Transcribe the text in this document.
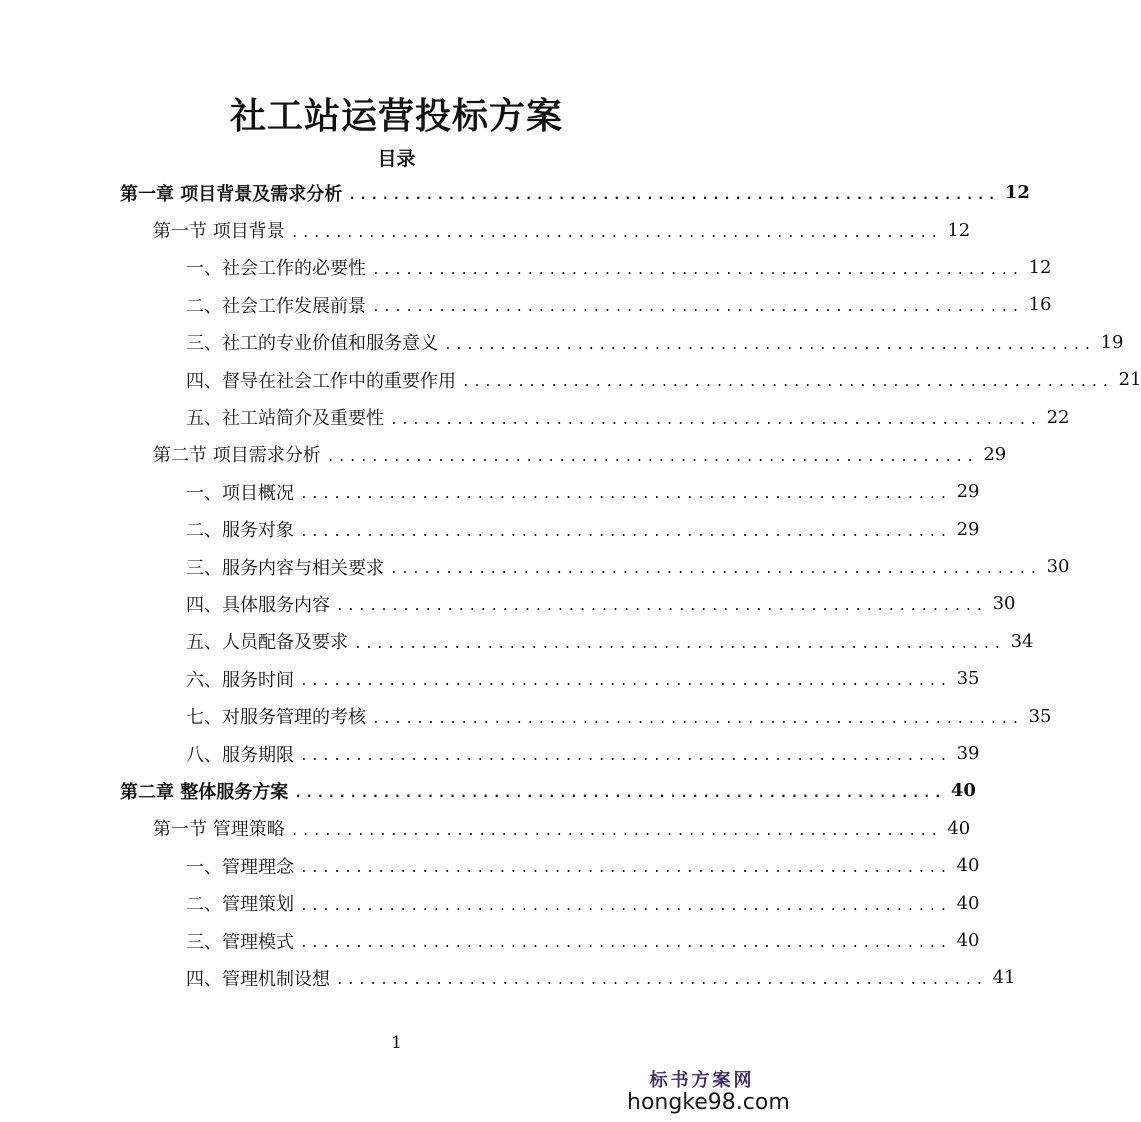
社工站运营投标方案
目录
第一章 项目背景及需求分析 ........................................................... 12
第一节 项目背景 ........................................................... 12
一、社会工作的必要性 ........................................................... 12
二、社会工作发展前景 ........................................................... 16
三、社工的专业价值和服务意义 ........................................................... 19
四、督导在社会工作中的重要作用 ........................................................... 21
五、社工站简介及重要性 ........................................................... 22
第二节 项目需求分析 ........................................................... 29
一、项目概况 ........................................................... 29
二、服务对象 ........................................................... 29
三、服务内容与相关要求 ........................................................... 30
四、具体服务内容 ........................................................... 30
五、人员配备及要求 ........................................................... 34
六、服务时间 ........................................................... 35
七、对服务管理的考核 ........................................................... 35
八、服务期限 ........................................................... 39
第二章 整体服务方案 ........................................................... 40
第一节 管理策略 ........................................................... 40
一、管理理念 ........................................................... 40
二、管理策划 ........................................................... 40
三、管理模式 ........................................................... 40
四、管理机制设想 ........................................................... 41
1
标书方案网
hongke98.com
